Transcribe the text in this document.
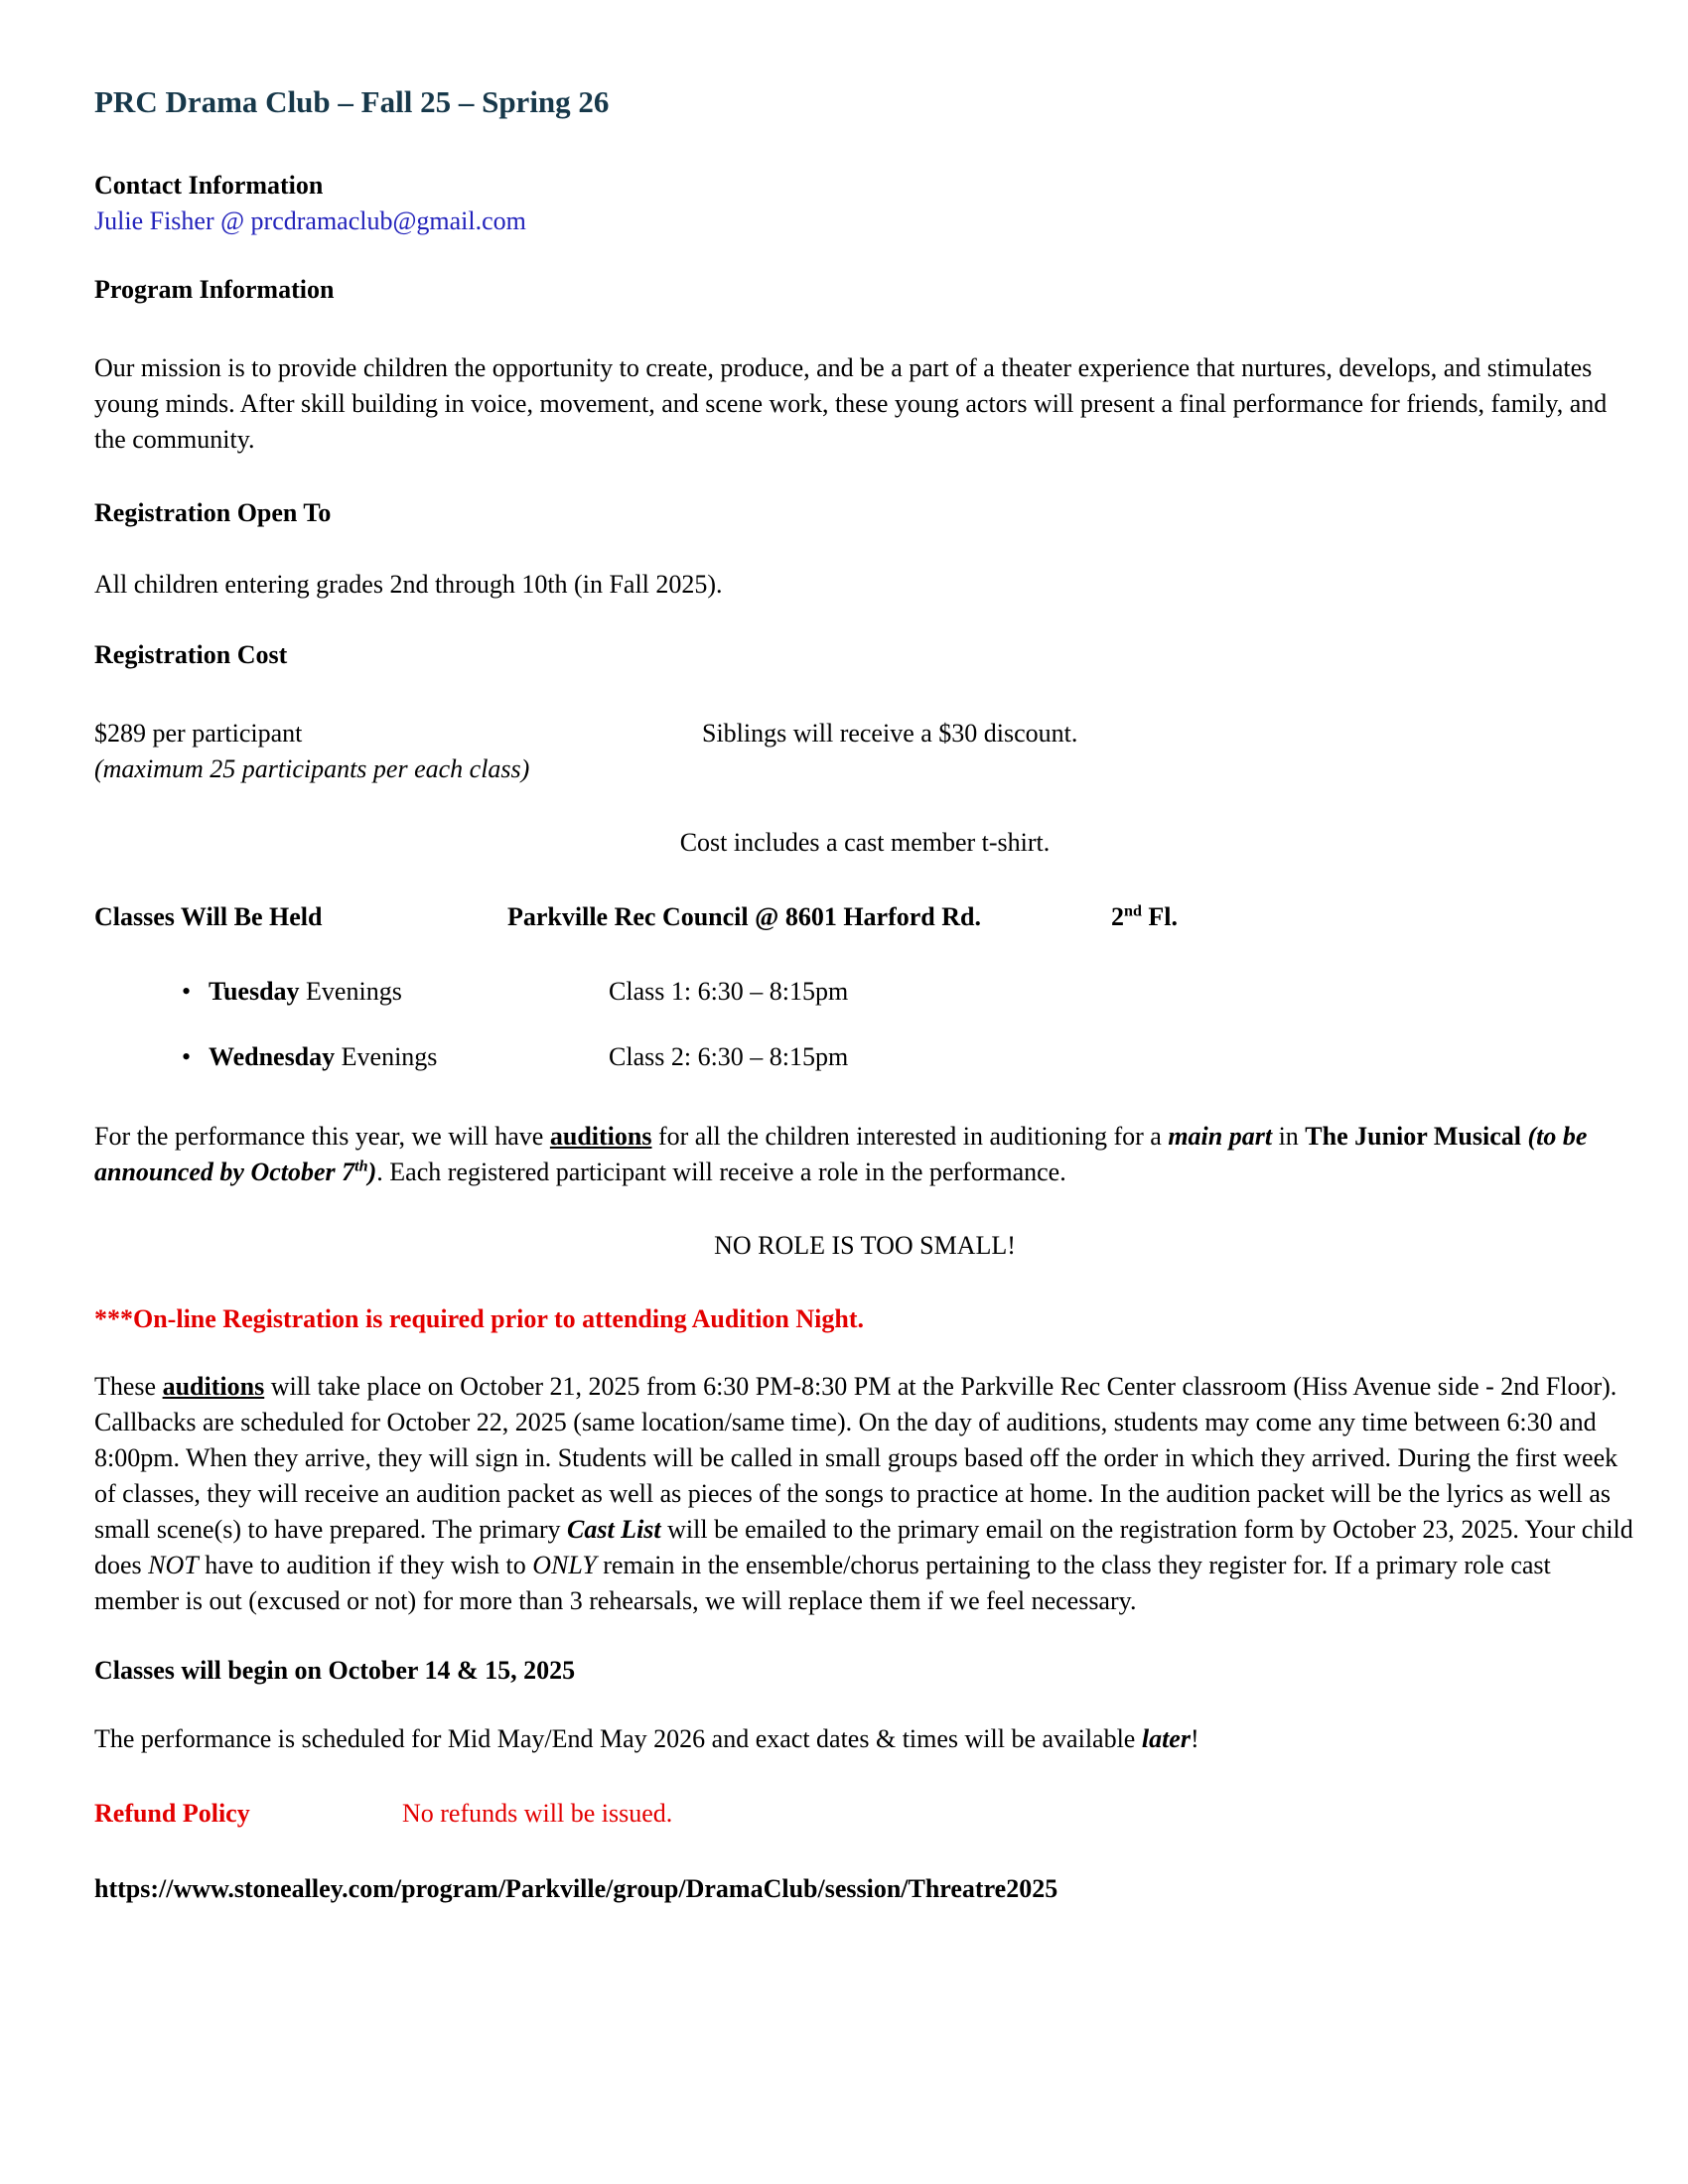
PRC Drama Club – Fall 25 – Spring 26
Contact Information
Julie Fisher @ prcdramaclub@gmail.com
Program Information
Our mission is to provide children the opportunity to create, produce, and be a part of a theater experience that nurtures, develops, and stimulates young minds. After skill building in voice, movement, and scene work, these young actors will present a final performance for friends, family, and the community.
Registration Open To
All children entering grades 2nd through 10th (in Fall 2025).
Registration Cost
$289 per participant	Siblings will receive a $30 discount.
(maximum 25 participants per each class)
Cost includes a cast member t-shirt.
Classes Will Be Held	Parkville Rec Council @ 8601 Harford Rd.	2nd Fl.
• Tuesday Evenings	Class 1: 6:30 – 8:15pm
• Wednesday Evenings	Class 2: 6:30 – 8:15pm
For the performance this year, we will have auditions for all the children interested in auditioning for a main part in The Junior Musical (to be announced by October 7th). Each registered participant will receive a role in the performance.
NO ROLE IS TOO SMALL!
***On-line Registration is required prior to attending Audition Night.
These auditions will take place on October 21, 2025 from 6:30 PM-8:30 PM at the Parkville Rec Center classroom (Hiss Avenue side - 2nd Floor). Callbacks are scheduled for October 22, 2025 (same location/same time). On the day of auditions, students may come any time between 6:30 and 8:00pm. When they arrive, they will sign in. Students will be called in small groups based off the order in which they arrived. During the first week of classes, they will receive an audition packet as well as pieces of the songs to practice at home. In the audition packet will be the lyrics as well as small scene(s) to have prepared. The primary Cast List will be emailed to the primary email on the registration form by October 23, 2025. Your child does NOT have to audition if they wish to ONLY remain in the ensemble/chorus pertaining to the class they register for. If a primary role cast member is out (excused or not) for more than 3 rehearsals, we will replace them if we feel necessary.
Classes will begin on October 14 & 15, 2025
The performance is scheduled for Mid May/End May 2026 and exact dates & times will be available later!
Refund Policy	No refunds will be issued.
https://www.stonealley.com/program/Parkville/group/DramaClub/session/Threatre2025
